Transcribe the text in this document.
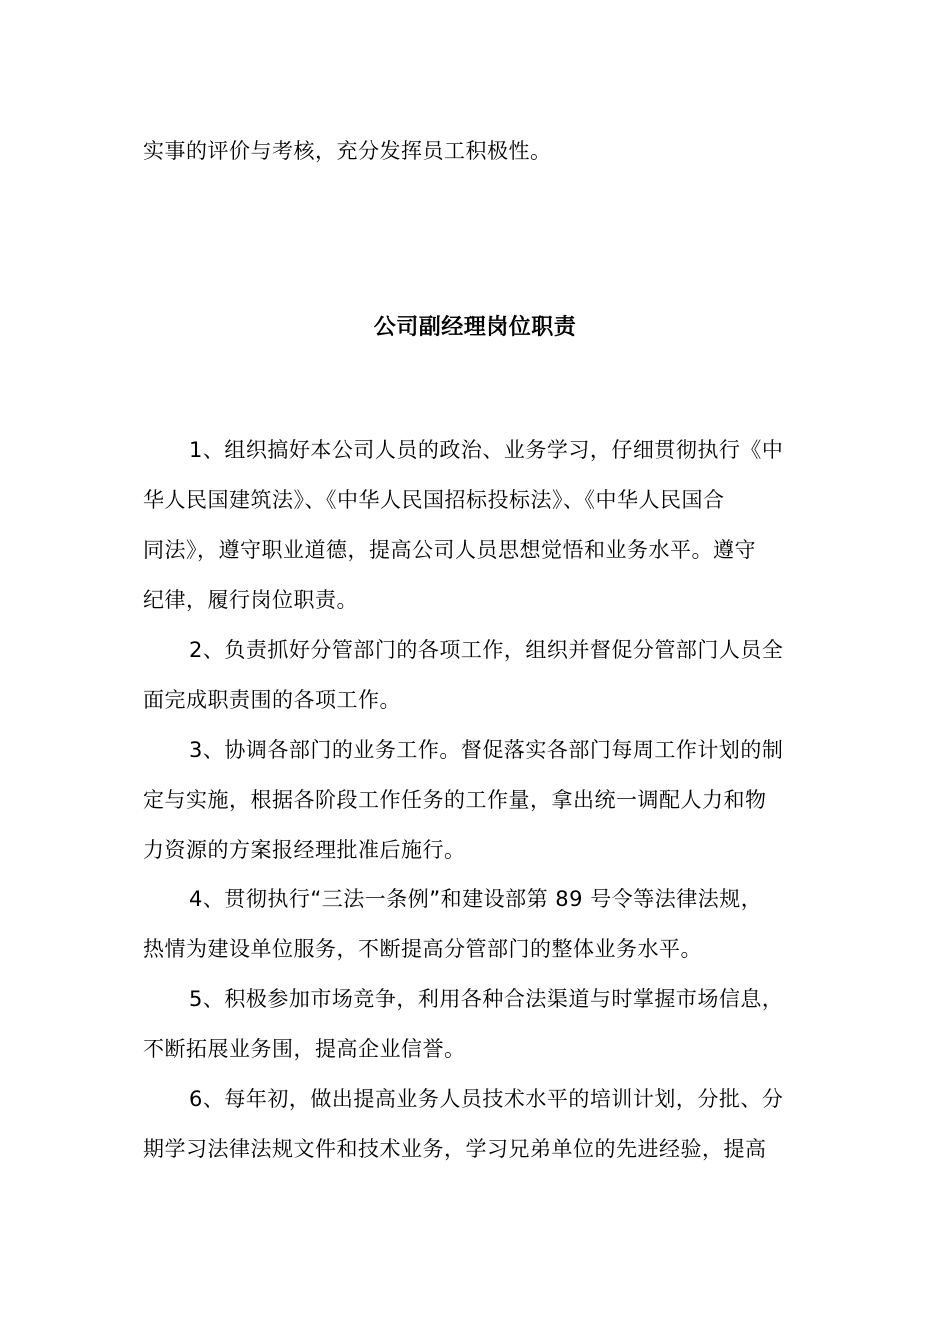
实事的评价与考核，充分发挥员工积极性。
公司副经理岗位职责
1、组织搞好本公司人员的政治、业务学习，仔细贯彻执行《中
华人民国建筑法》、《中华人民国招标投标法》、《中华人民国合
同法》，遵守职业道德，提高公司人员思想觉悟和业务水平。遵守
纪律，履行岗位职责。
2、负责抓好分管部门的各项工作，组织并督促分管部门人员全
面完成职责围的各项工作。
3、协调各部门的业务工作。督促落实各部门每周工作计划的制
定与实施，根据各阶段工作任务的工作量，拿出统一调配人力和物
力资源的方案报经理批准后施行。
4、贯彻执行“三法一条例”和建设部第 89 号令等法律法规，
热情为建设单位服务，不断提高分管部门的整体业务水平。
5、积极参加市场竞争，利用各种合法渠道与时掌握市场信息，
不断拓展业务围，提高企业信誉。
6、每年初，做出提高业务人员技术水平的培训计划，分批、分
期学习法律法规文件和技术业务，学习兄弟单位的先进经验，提高
